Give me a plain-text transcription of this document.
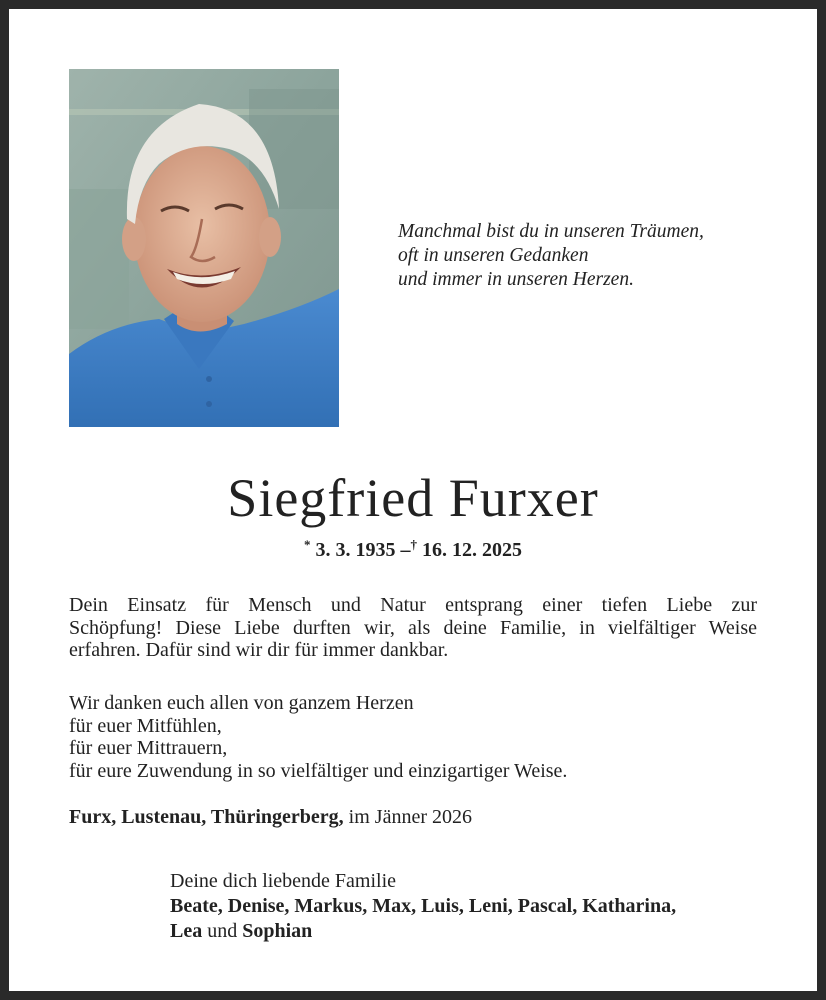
Manchmal bist du in unseren Träumen,
oft in unseren Gedanken
und immer in unseren Herzen.
Siegfried Furxer
* 3. 3. 1935 –† 16. 12. 2025
Dein Einsatz für Mensch und Natur entsprang einer tiefen Liebe zur
Schöpfung! Diese Liebe durften wir, als deine Familie, in vielfältiger Weise
erfahren. Dafür sind wir dir für immer dankbar.
Wir danken euch allen von ganzem Herzen
für euer Mitfühlen,
für euer Mittrauern,
für eure Zuwendung in so vielfältiger und einzigartiger Weise.
Furx, Lustenau, Thüringerberg, im Jänner 2026
Deine dich liebende Familie
Beate, Denise, Markus, Max, Luis, Leni, Pascal, Katharina,
Lea und Sophian
